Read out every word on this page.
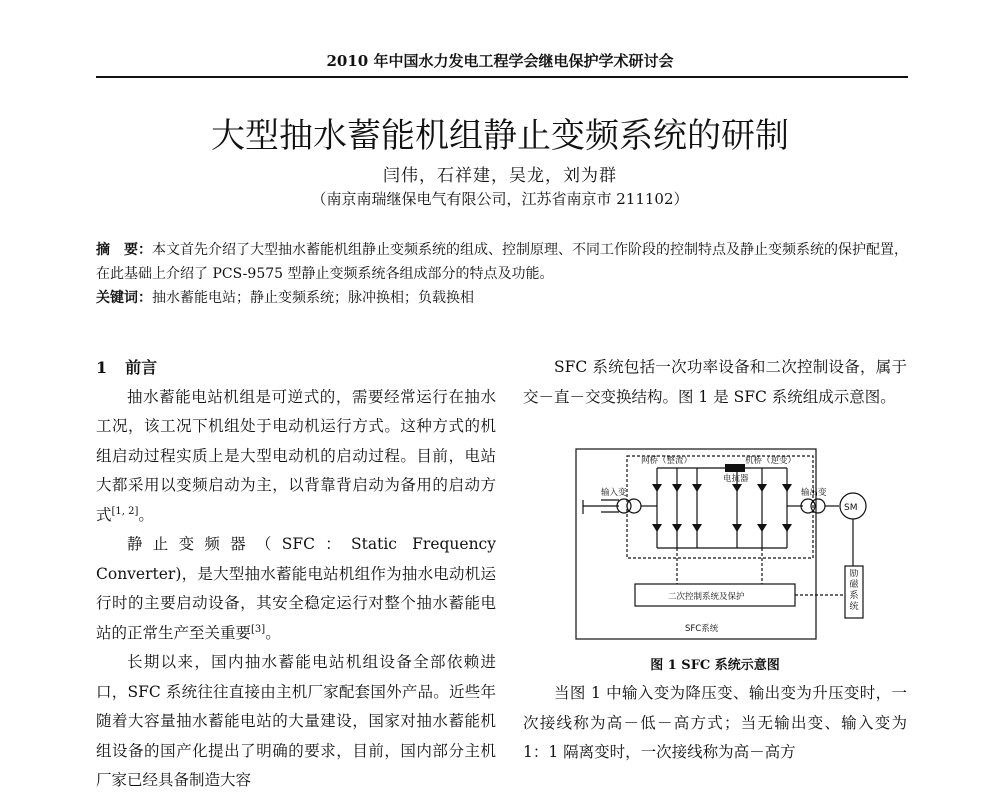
2010 年中国水力发电工程学会继电保护学术研讨会
大型抽水蓄能机组静止变频系统的研制
闫伟，石祥建，吴龙，刘为群
（南京南瑞继保电气有限公司，江苏省南京市 211102）
摘　要：本文首先介绍了大型抽水蓄能机组静止变频系统的组成、控制原理、不同工作阶段的控制特点及静止变频系统的保护配置，在此基础上介绍了 PCS-9575 型静止变频系统各组成部分的特点及功能。
关键词：抽水蓄能电站；静止变频系统；脉冲换相；负载换相
1 前言

抽水蓄能电站机组是可逆式的，需要经常运行在抽水工况，该工况下机组处于电动机运行方式。这种方式的机组启动过程实质上是大型电动机的启动过程。目前，电站大都采用以变频启动为主，以背靠背启动为备用的启动方式[1, 2]。

静止变频器（SFC：Static Frequency Converter)，是大型抽水蓄能电站机组作为抽水电动机运行时的主要启动设备，其安全稳定运行对整个抽水蓄能电站的正常生产至关重要[3]。

长期以来，国内抽水蓄能电站机组设备全部依赖进口，SFC 系统往往直接由主机厂家配套国外产品。近些年随着大容量抽水蓄能电站的大量建设，国家对抽水蓄能机组设备的国产化提出了明确的要求，目前，国内部分主机厂家已经具备制造大容

SFC 系统包括一次功率设备和二次控制设备，属于交－直－交变换结构。图 1 是 SFC 系统组成示意图。

网桥（整流）	机桥（逆变）
电抗器
输入变	输出变
SM
二次控制系统及保护
SFC系统
励磁系统
图 1 SFC 系统示意图

当图 1 中输入变为降压变、输出变为升压变时，一次接线称为高－低－高方式；当无输出变、输入变为 1：1 隔离变时，一次接线称为高－高方
